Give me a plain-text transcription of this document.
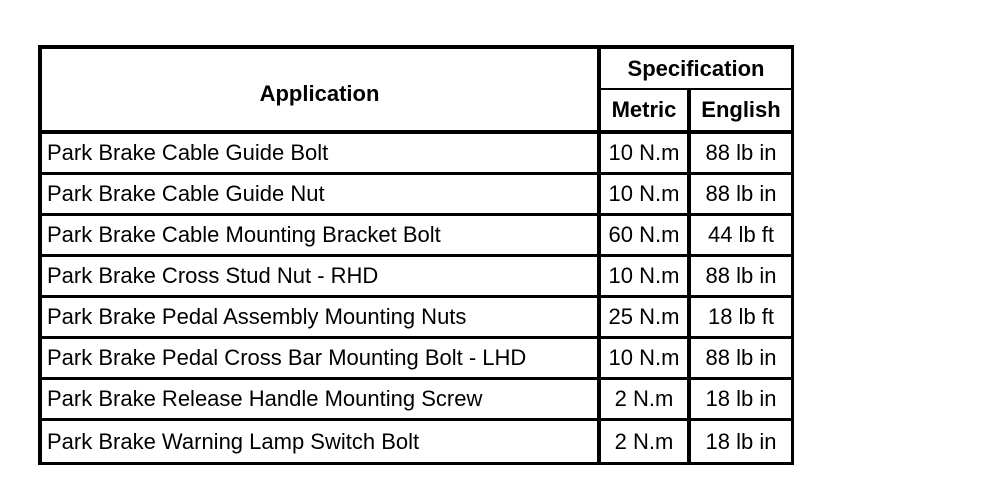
Application	Specification	
	Metric	English
Park Brake Cable Guide Bolt	10 N.m	88 lb in
Park Brake Cable Guide Nut	10 N.m	88 lb in
Park Brake Cable Mounting Bracket Bolt	60 N.m	44 lb ft
Park Brake Cross Stud Nut - RHD	10 N.m	88 lb in
Park Brake Pedal Assembly Mounting Nuts	25 N.m	18 lb ft
Park Brake Pedal Cross Bar Mounting Bolt - LHD	10 N.m	88 lb in
Park Brake Release Handle Mounting Screw	2 N.m	18 lb in
Park Brake Warning Lamp Switch Bolt	2 N.m	18 lb in
